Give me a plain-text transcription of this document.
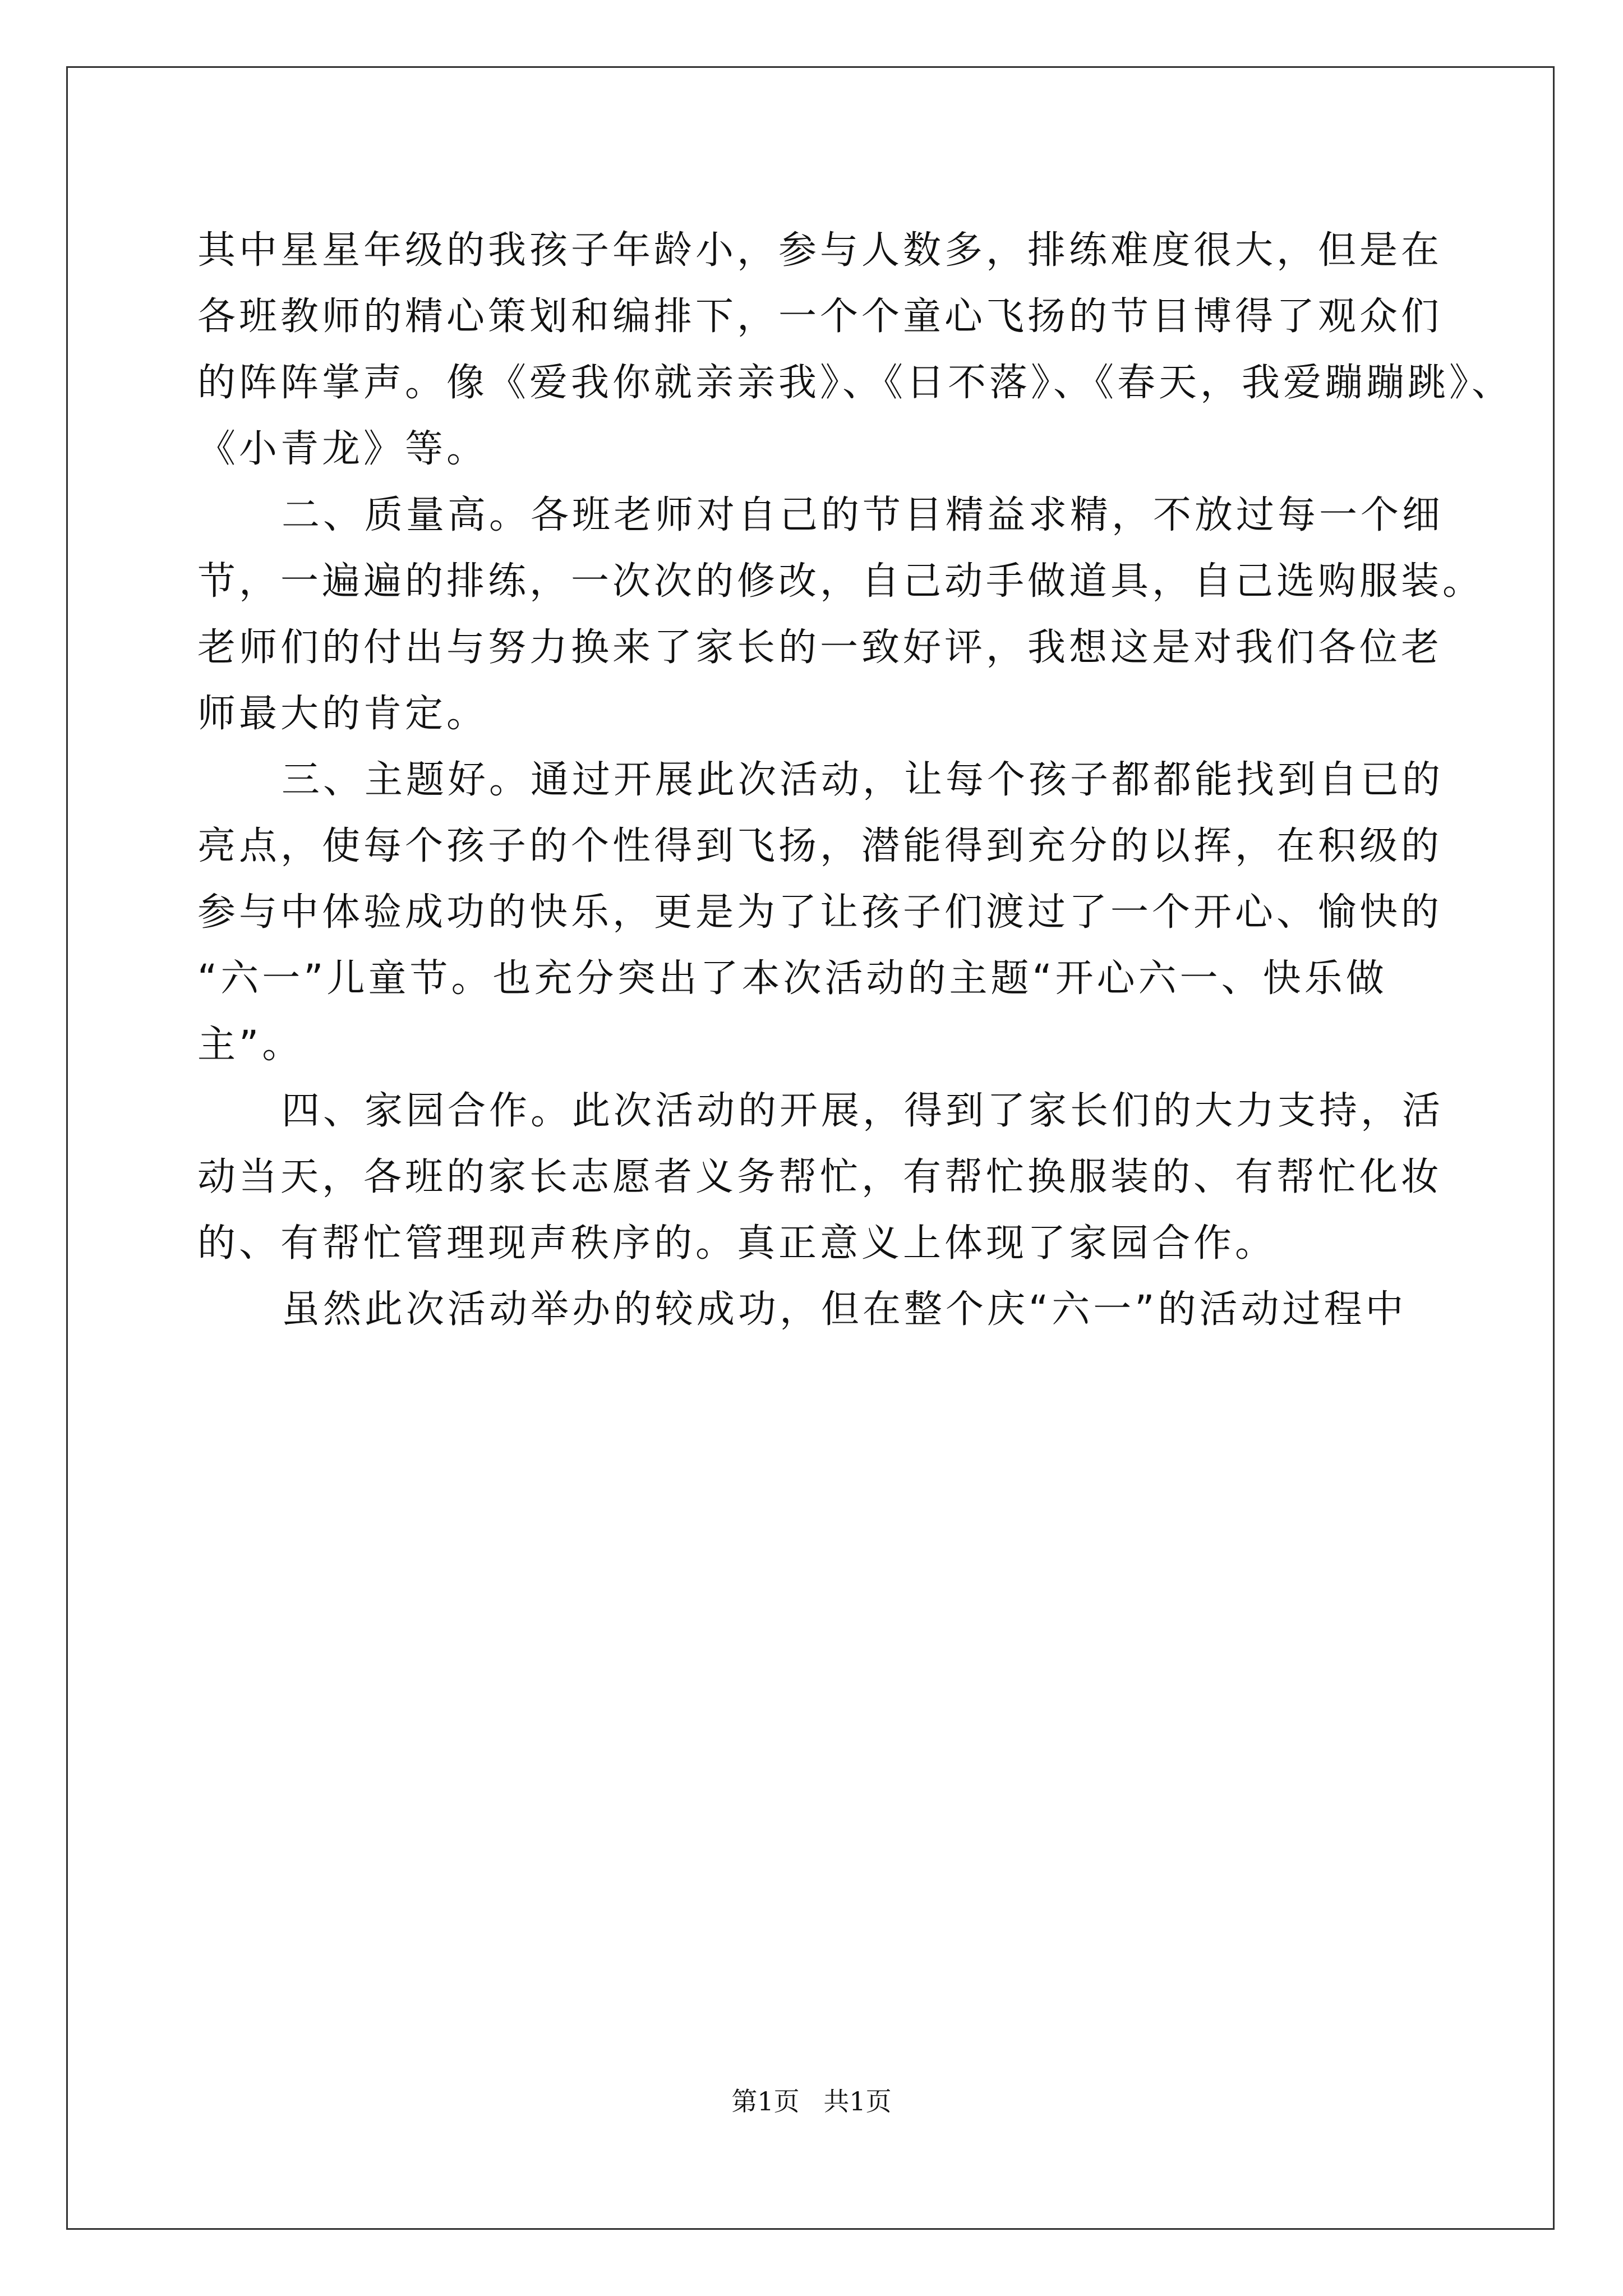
其中星星年级的我孩子年龄小，参与人数多，排练难度很大，但是在
各班教师的精心策划和编排下，一个个童心飞扬的节目博得了观众们
的阵阵掌声。像《爱我你就亲亲我》、《日不落》、《春天，我爱蹦蹦跳》、
《小青龙》等。

二、质量高。各班老师对自己的节目精益求精，不放过每一个细
节，一遍遍的排练，一次次的修改，自己动手做道具，自己选购服装。
老师们的付出与努力换来了家长的一致好评，我想这是对我们各位老
师最大的肯定。

三、主题好。通过开展此次活动，让每个孩子都都能找到自已的
亮点，使每个孩子的个性得到飞扬，潜能得到充分的以挥，在积级的
参与中体验成功的快乐，更是为了让孩子们渡过了一个开心、愉快的
“六一”儿童节。也充分突出了本次活动的主题“开心六一、快乐做
主”。

四、家园合作。此次活动的开展，得到了家长们的大力支持，活
动当天，各班的家长志愿者义务帮忙，有帮忙换服装的、有帮忙化妆
的、有帮忙管理现声秩序的。真正意义上体现了家园合作。

虽然此次活动举办的较成功，但在整个庆“六一”的活动过程中

第1页 共1页
